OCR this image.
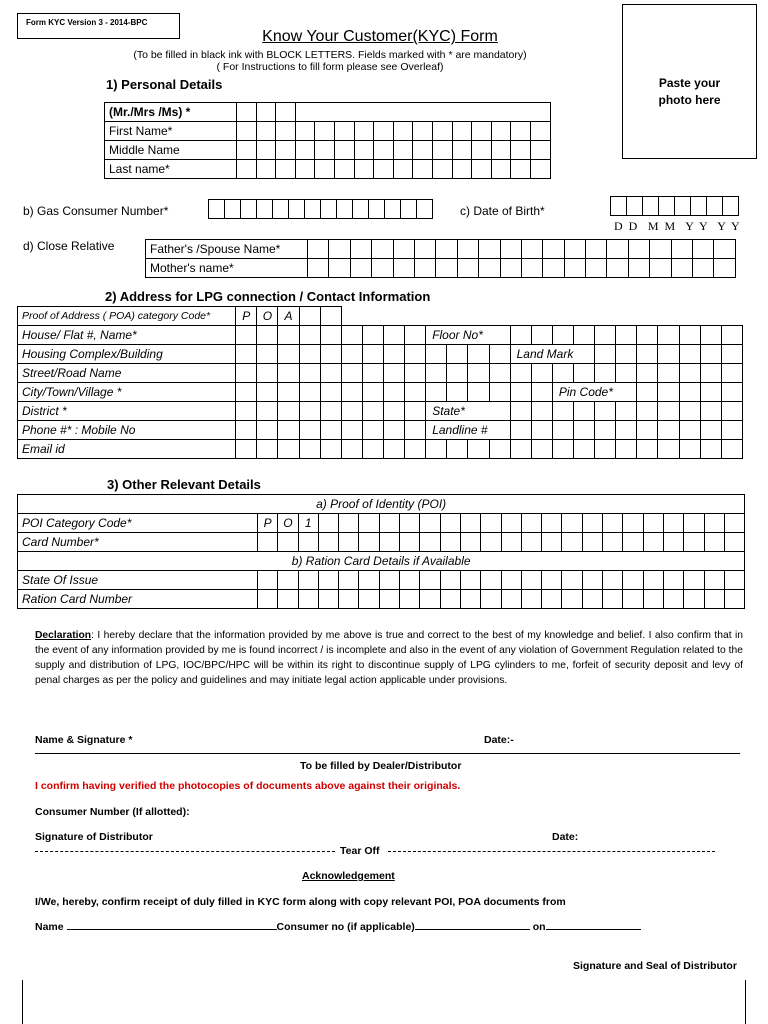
Form KYC Version 3 - 2014-BPC
Know Your Customer(KYC) Form
(To be filled in black ink with BLOCK LETTERS. Fields marked with * are mandatory)
( For Instructions to fill form please see Overleaf)
Paste your photo here
1) Personal Details
(Mr./Mrs /Ms) *																
First Name*																
Middle Name																
Last name*																
b) Gas Consumer Number*
														c) Date of Birth*

D D  M M  Y Y  Y Y
d) Close Relative	Father's /Spouse Name*																				
Mother's name*																				
2) Address for LPG connection / Contact Information
Proof of Address ( POA) category Code*	P	O	A																					
House/ Flat #, Name*										Floor No*														
Housing Complex/Building														Land Mark										
Street/Road Name																								
City/Town/Village *																Pin Code*								
District *										State*														
Phone #* : Mobile No										Landline #														
Email id																								
3) Other Relevant Details
a) Proof of Identity (POI)																								
POI Category Code*	P	O	1																					
Card Number*																								
b) Ration Card Details if Available																								
State Of Issue																								
Ration Card Number																								
Declaration: I hereby declare that the information provided by me above is true and correct to the best of my knowledge and belief. I also confirm that in the event of any information provided by me is found incorrect / is incomplete and also in the event of any violation of Government Regulation related to the supply and distribution of LPG, IOC/BPC/HPC will be within its right to discontinue supply of LPG cylinders to me, forfeit of security deposit and levy of penal charges as per the policy and guidelines and may initiate legal action applicable under provisions.
Name & Signature *	Date:-
To be filled by Dealer/Distributor
I confirm having verified the photocopies of documents above against their originals.
Consumer Number (If allotted):
Signature of Distributor	Date:
Tear Off
Acknowledgement
I/We, hereby, confirm receipt of duly filled in KYC form along with copy relevant POI, POA documents from
Name	Consumer no (if applicable)	on
Signature and Seal of Distributor
